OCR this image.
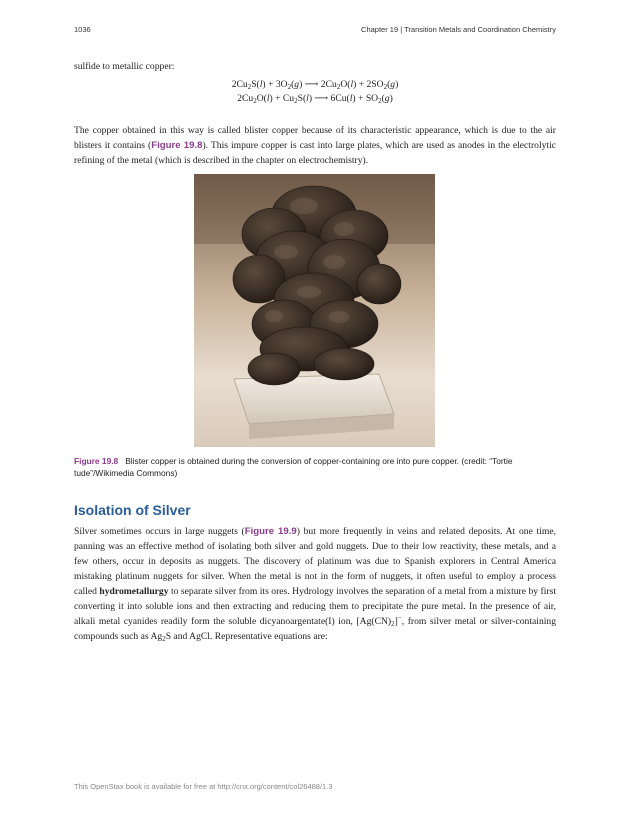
1036	Chapter 19 | Transition Metals and Coordination Chemistry

sulfide to metallic copper:

$2Cu_2S(l) + 3O_2(g)$ ⟶ $2Cu_2O(l) + 2SO_2(g)$
$2Cu_2O(l) + Cu_2S(l)$ ⟶ $6Cu(l) + SO_2(g)$

The copper obtained in this way is called blister copper because of its characteristic appearance, which is due to the air blisters it contains (Figure 19.8). This impure copper is cast into large plates, which are used as anodes in the electrolytic refining of the metal (which is described in the chapter on electrochemistry).

Figure 19.8 Blister copper is obtained during the conversion of copper-containing ore into pure copper. (credit: “Tortie tude”/Wikimedia Commons)

Isolation of Silver

Silver sometimes occurs in large nuggets (Figure 19.9) but more frequently in veins and related deposits. At one time, panning was an effective method of isolating both silver and gold nuggets. Due to their low reactivity, these metals, and a few others, occur in deposits as nuggets. The discovery of platinum was due to Spanish explorers in Central America mistaking platinum nuggets for silver. When the metal is not in the form of nuggets, it often useful to employ a process called hydrometallurgy to separate silver from its ores. Hydrology involves the separation of a metal from a mixture by first converting it into soluble ions and then extracting and reducing them to precipitate the pure metal. In the presence of air, alkali metal cyanides readily form the soluble dicyanoargentate(I) ion, $[Ag(CN)_2]^-$, from silver metal or silver-containing compounds such as $Ag_2S$ and AgCl. Representative equations are:

This OpenStax book is available for free at http://cnx.org/content/col26488/1.3
